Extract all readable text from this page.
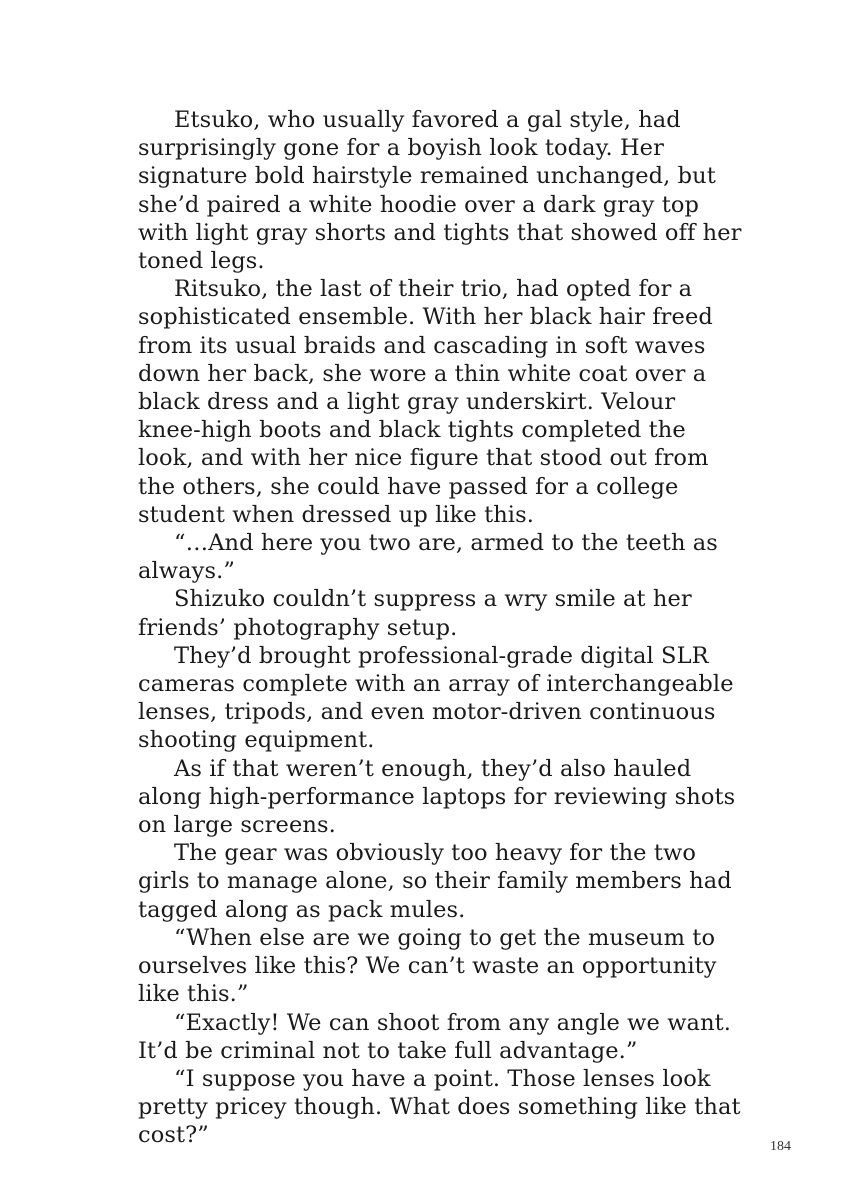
Etsuko, who usually favored a gal style, had surprisingly gone for a boyish look today. Her signature bold hairstyle remained unchanged, but she’d paired a white hoodie over a dark gray top with light gray shorts and tights that showed off her toned legs.

Ritsuko, the last of their trio, had opted for a sophisticated ensemble. With her black hair freed from its usual braids and cascading in soft waves down her back, she wore a thin white coat over a black dress and a light gray underskirt. Velour knee-high boots and black tights completed the look, and with her nice figure that stood out from the others, she could have passed for a college student when dressed up like this.

“…And here you two are, armed to the teeth as always.”

Shizuko couldn’t suppress a wry smile at her friends’ photography setup.

They’d brought professional-grade digital SLR cameras complete with an array of interchangeable lenses, tripods, and even motor-driven continuous shooting equipment.

As if that weren’t enough, they’d also hauled along high-performance laptops for reviewing shots on large screens.

The gear was obviously too heavy for the two girls to manage alone, so their family members had tagged along as pack mules.

“When else are we going to get the museum to ourselves like this? We can’t waste an opportunity like this.”

“Exactly! We can shoot from any angle we want. It’d be criminal not to take full advantage.”

“I suppose you have a point. Those lenses look pretty pricey though. What does something like that cost?”	184
